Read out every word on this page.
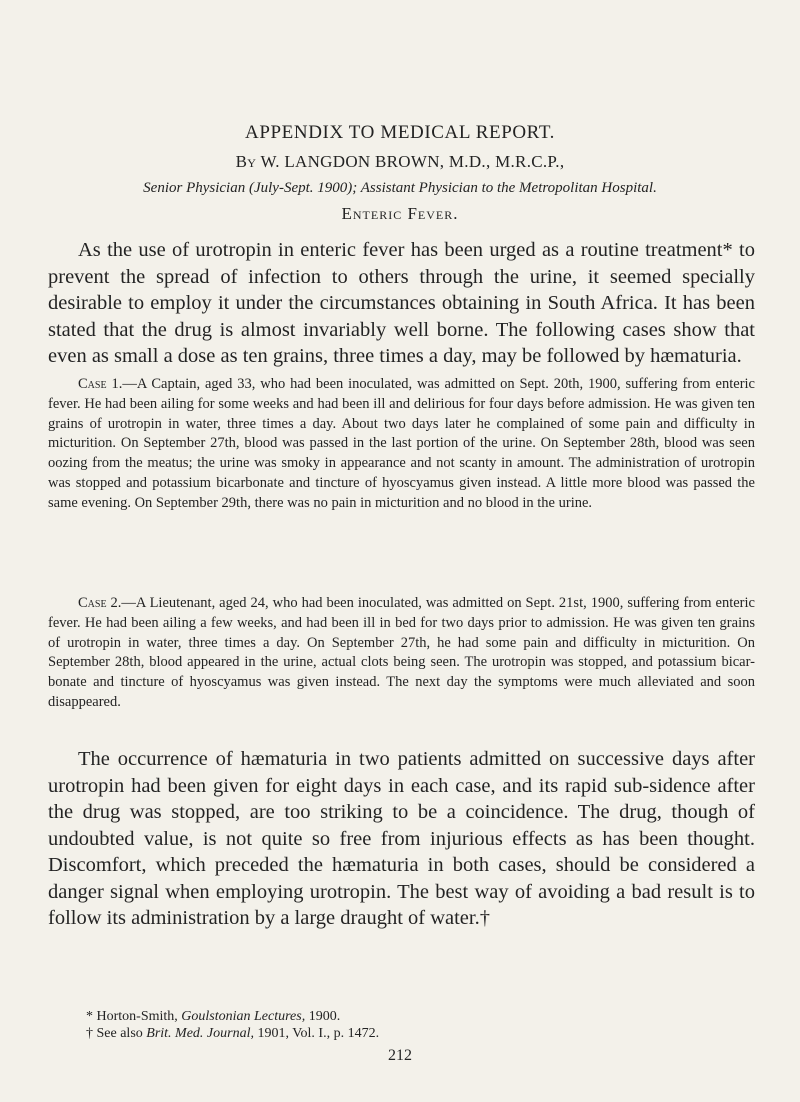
APPENDIX TO MEDICAL REPORT.
By W. LANGDON BROWN, M.D., M.R.C.P.,
Senior Physician (July-Sept. 1900); Assistant Physician to the Metropolitan Hospital.
Enteric Fever.

As the use of urotropin in enteric fever has been urged as a routine treatment* to prevent the spread of infection to others through the urine, it seemed specially desirable to employ it under the circumstances obtaining in South Africa. It has been stated that the drug is almost invariably well borne. The following cases show that even as small a dose as ten grains, three times a day, may be followed by hæmaturia.

Case 1.—A Captain, aged 33, who had been inoculated, was admitted on Sept. 20th, 1900, suffering from enteric fever. He had been ailing for some weeks and had been ill and delirious for four days before admission. He was given ten grains of urotropin in water, three times a day. About two days later he complained of some pain and difficulty in micturition. On September 27th, blood was passed in the last portion of the urine. On September 28th, blood was seen oozing from the meatus; the urine was smoky in appearance and not scanty in amount. The administration of urotropin was stopped and potassium bicarbonate and tincture of hyoscyamus given instead. A little more blood was passed the same evening. On September 29th, there was no pain in micturition and no blood in the urine.

Case 2.—A Lieutenant, aged 24, who had been inoculated, was admitted on Sept. 21st, 1900, suffering from enteric fever. He had been ailing a few weeks, and had been ill in bed for two days prior to admission. He was given ten grains of urotropin in water, three times a day. On September 27th, he had some pain and difficulty in micturition. On September 28th, blood appeared in the urine, actual clots being seen. The urotropin was stopped, and potassium bicar-bonate and tincture of hyoscyamus was given instead. The next day the symptoms were much alleviated and soon disappeared.

The occurrence of hæmaturia in two patients admitted on successive days after urotropin had been given for eight days in each case, and its rapid sub-sidence after the drug was stopped, are too striking to be a coincidence. The drug, though of undoubted value, is not quite so free from injurious effects as has been thought. Discomfort, which preceded the hæmaturia in both cases, should be considered a danger signal when employing urotropin. The best way of avoiding a bad result is to follow its administration by a large draught of water.†

* Horton-Smith, Goulstonian Lectures, 1900.
† See also Brit. Med. Journal, 1901, Vol. I., p. 1472.
212
